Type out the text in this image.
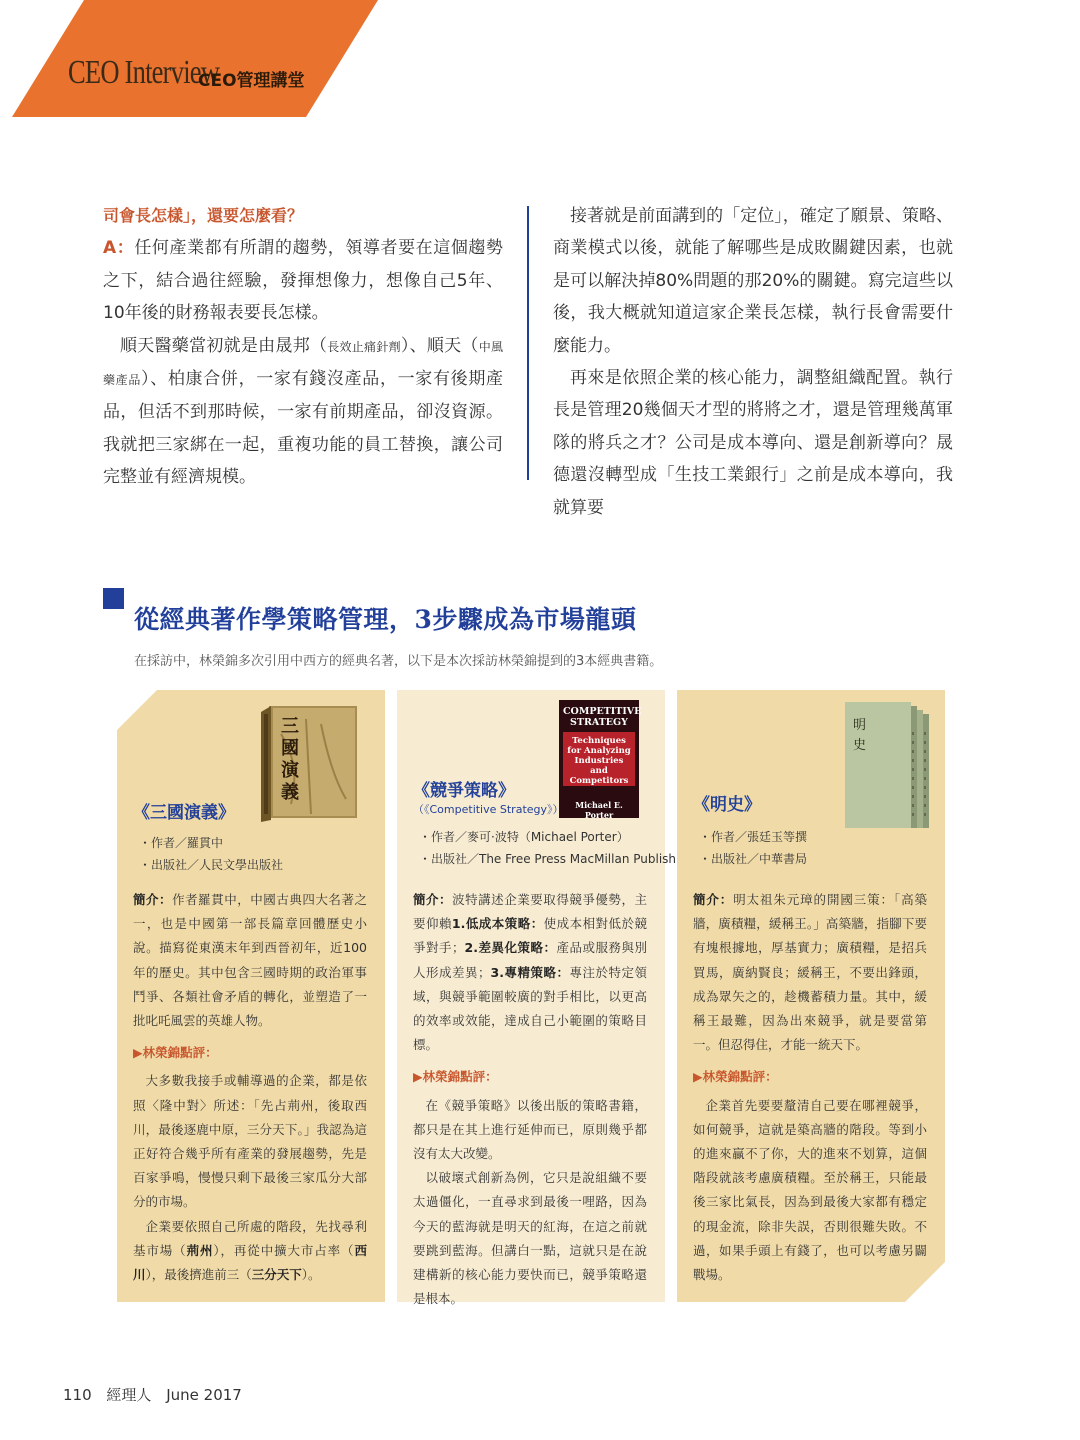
CEO Interview
CEO管理講堂

司會長怎樣」，還要怎麼看？

A：任何產業都有所謂的趨勢，領導者要在這個趨勢之下，結合過往經驗，發揮想像力，想像自己5年、10年後的財務報表要長怎樣。

順天醫藥當初就是由晟邦（長效止痛針劑）、順天（中風藥產品）、柏康合併，一家有錢沒產品，一家有後期產品，但活不到那時候，一家有前期產品，卻沒資源。我就把三家綁在一起，重複功能的員工替換，讓公司完整並有經濟規模。

接著就是前面講到的「定位」，確定了願景、策略、商業模式以後，就能了解哪些是成敗關鍵因素，也就是可以解決掉80%問題的那20%的關鍵。寫完這些以後，我大概就知道這家企業長怎樣，執行長會需要什麼能力。

再來是依照企業的核心能力，調整組織配置。執行長是管理20幾個天才型的將將之才，還是管理幾萬軍隊的將兵之才？公司是成本導向、還是創新導向？晟德還沒轉型成「生技工業銀行」之前是成本導向，我就算要

從經典著作學策略管理，3步驟成為市場龍頭
在採訪中，林榮錦多次引用中西方的經典名著，以下是本次採訪林榮錦提到的3本經典書籍。
三國演義
《三國演義》
・作者／羅貫中
・出版社／人民文學出版社

簡介：作者羅貫中，中國古典四大名著之一，也是中國第一部長篇章回體歷史小說。描寫從東漢末年到西晉初年，近100年的歷史。其中包含三國時期的政治軍事鬥爭、各類社會矛盾的轉化，並塑造了一批叱吒風雲的英雄人物。

▶林榮錦點評：

大多數我接手或輔導過的企業，都是依照〈隆中對〉所述：「先占荊州，後取西川，最後逐鹿中原，三分天下。」我認為這正好符合幾乎所有產業的發展趨勢，先是百家爭鳴，慢慢只剩下最後三家瓜分大部分的市場。

企業要依照自己所處的階段，先找尋利基市場（荊州），再從中擴大市占率（西川），最後擠進前三（三分天下）。

COMPETITIVE STRATEGY
Techniques for Analyzing Industries and Competitors
Michael E. Porter
《競爭策略》
（《Competitive Strategy》）
・作者／麥可·波特（Michael Porter）
・出版社／The Free Press MacMillan Publish

簡介：波特講述企業要取得競爭優勢，主要仰賴1.低成本策略：使成本相對低於競爭對手；2.差異化策略：產品或服務與別人形成差異；3.專精策略：專注於特定領域，與競爭範圍較廣的對手相比，以更高的效率或效能，達成自己小範圍的策略目標。

▶林榮錦點評：

在《競爭策略》以後出版的策略書籍，都只是在其上進行延伸而已，原則幾乎都沒有太大改變。

以破壞式創新為例，它只是說組織不要太過僵化，一直尋求到最後一哩路，因為今天的藍海就是明天的紅海，在這之前就要跳到藍海。但講白一點，這就只是在說建構新的核心能力要快而已，競爭策略還是根本。

明史
《明史》
・作者／張廷玉等撰
・出版社／中華書局

簡介：明太祖朱元璋的開國三策：「高築牆，廣積糧，緩稱王。」高築牆，指腳下要有塊根據地，厚基實力；廣積糧，是招兵買馬，廣納賢良；緩稱王，不要出鋒頭，成為眾矢之的，趁機蓄積力量。其中，緩稱王最難，因為出來競爭，就是要當第一。但忍得住，才能一統天下。

▶林榮錦點評：

企業首先要要釐清自己要在哪裡競爭，如何競爭，這就是築高牆的階段。等到小的進來贏不了你，大的進來不划算，這個階段就該考慮廣積糧。至於稱王，只能最後三家比氣長，因為到最後大家都有穩定的現金流，除非失誤，否則很難失敗。不過，如果手頭上有錢了，也可以考慮另闢戰場。

110 經理人 June 2017
